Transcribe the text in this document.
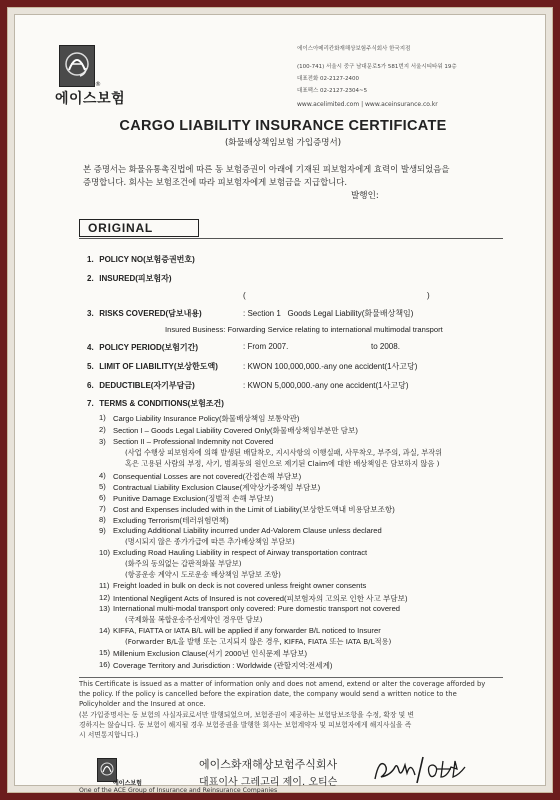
®
에이스보험
에이스아메리칸화재해상보험주식회사 한국지점
(100-741) 서울시 중구 남대문로5가 581번지 서울시티타워 19층
대표전화 02-2127-2400
대표팩스 02-2127-2304~5
www.acelimited.com | www.aceinsurance.co.kr
CARGO LIABILITY INSURANCE CERTIFICATE
(화물배상책임보험 가입증명서)
본 증명서는 화물유통촉진법에 따른 동 보험증권이 아래에 기재된 피보험자에게 효력이 발생되었음을
증명합니다. 회사는 보험조건에 따라 피보험자에게 보험금을 지급합니다.
발행인:
ORIGINAL
1. POLICY NO(보험증권번호)
2. INSURED(피보험자)
(	)
3. RISKS COVERED(담보내용)	: Section 1 Goods Legal Liability(화물배상책임)
Insured Business: Forwarding Service relating to international multimodal transport
4. POLICY PERIOD(보험기간)	: From 2007.	to 2008.
5. LIMIT OF LIABILITY(보상한도액)	: KWON 100,000,000.-any one accident(1사고당)
6. DEDUCTIBLE(자기부담금)	: KWON 5,000,000.-any one accident(1사고당)
7. TERMS & CONDITIONS(보험조건)
1) Cargo Liability Insurance Policy(화물배상책임 보통약관)
2) Section I – Goods Legal Liability Covered Only(화물배상책임부분만 담보)
3) Section II – Professional Indemnity not Covered
(사업 수행상 피보험자에 의해 발생된 배달착오, 지시사항의 이행실패, 사무착오, 부주의, 과실, 부작위
혹은 고용된 사람의 부정, 사기, 범죄등의 원인으로 제기된 Claim에 대한 배상책임은 담보하지 않음 )
4) Consequential Losses are not covered(간접손해 부담보)
5) Contractual Liability Exclusion Clause(계약상가중책임 부담보)
6) Punitive Damage Exclusion(징벌적 손해 부담보)
7) Cost and Expenses included with in the Limit of Liability(보상한도액내 비용담보조항)
8) Excluding Terrorism(테러위험면책)
9) Excluding Additional Liability incurred under Ad-Valorem Clause unless declared
(명시되지 않은 종가가급에 따른 추가배상책임 부담보)
10) Excluding Road Hauling Liability in respect of Airway transportation contract
(화주의 동의없는 갑판적화물 부담보)
(항공운송 계약시 도로운송 배상책임 부담보 조항)
11) Freight loaded in bulk on deck is not covered unless freight owner consents
12) Intentional Negligent Acts of Insured is not covered(피보험자의 고의로 인한 사고 부담보)
13) International multi-modal transport only covered: Pure domestic transport not covered
(국제화물 복합운송주선계약인 경우만 담보)
14) KIFFA, FIATTA or IATA B/L will be applied if any forwarder B/L noticed to Insurer
(Forwarder B/L을 발행 또는 고지되지 않은 경우, KIFFA, FIATA 또는 IATA B/L적용)
15) Millenium Exclusion Clause(서기 2000년 인식문제 부담보)
16) Coverage Territory and Jurisdiction : Worldwide (관할지역:전세계)
This Certificate is issued as a matter of information only and does not amend, extend or alter the coverage afforded by
the policy. If the policy is cancelled before the expiration date, the company would send a written notice to the
Policyholder and the Insured at once.
(본 가입증명서는 동 보험의 사실자료로서만 발행되었으며, 보험증권이 제공하는 보험담보조항을 수정, 확장 및 변
경하지는 않습니다. 동 보험이 해지될 경우 보험증권을 발행한 회사는 보험계약자 및 피보험자에게 해지사실을 즉
시 서면통지합니다.)
에이스보험
에이스화재해상보험주식회사
대표이사 그레고리 제이. 오티슨
One of the ACE Group of Insurance and Reinsurance Companies
